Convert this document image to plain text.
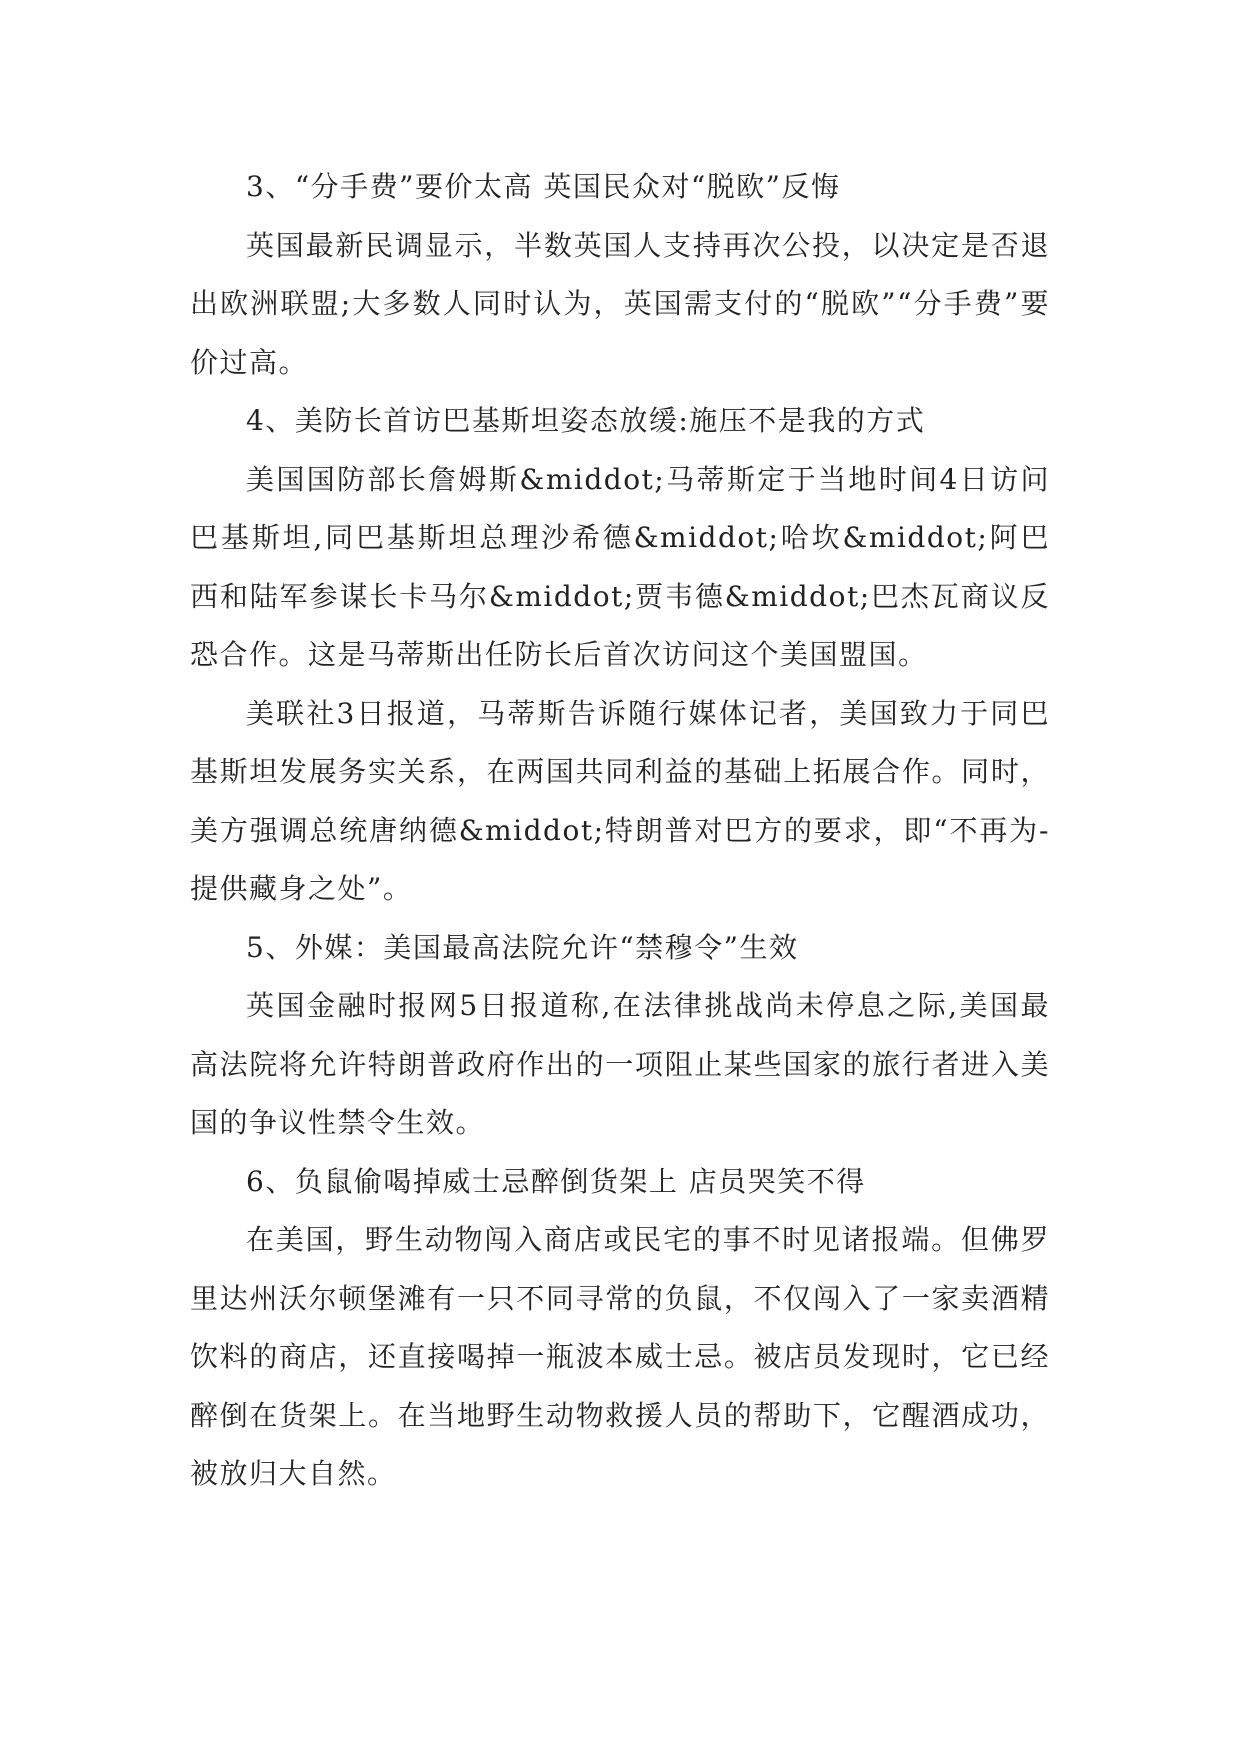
3、“分手费”要价太高 英国民众对“脱欧”反悔

英国最新民调显示，半数英国人支持再次公投，以决定是否退出欧洲联盟;大多数人同时认为，英国需支付的“脱欧”“分手费”要价过高。

4、美防长首访巴基斯坦姿态放缓:施压不是我的方式

美国国防部长詹姆斯&middot;马蒂斯定于当地时间4日访问巴基斯坦,同巴基斯坦总理沙希德&middot;哈坎&middot;阿巴西和陆军参谋长卡马尔&middot;贾韦德&middot;巴杰瓦商议反恐合作。这是马蒂斯出任防长后首次访问这个美国盟国。

美联社3日报道，马蒂斯告诉随行媒体记者，美国致力于同巴基斯坦发展务实关系，在两国共同利益的基础上拓展合作。同时，美方强调总统唐纳德&middot;特朗普对巴方的要求，即“不再为-提供藏身之处”。

5、外媒：美国最高法院允许“禁穆令”生效

英国金融时报网5日报道称,在法律挑战尚未停息之际,美国最高法院将允许特朗普政府作出的一项阻止某些国家的旅行者进入美国的争议性禁令生效。

6、负鼠偷喝掉威士忌醉倒货架上 店员哭笑不得

在美国，野生动物闯入商店或民宅的事不时见诸报端。但佛罗里达州沃尔顿堡滩有一只不同寻常的负鼠，不仅闯入了一家卖酒精饮料的商店，还直接喝掉一瓶波本威士忌。被店员发现时，它已经醉倒在货架上。在当地野生动物救援人员的帮助下，它醒酒成功，被放归大自然。
